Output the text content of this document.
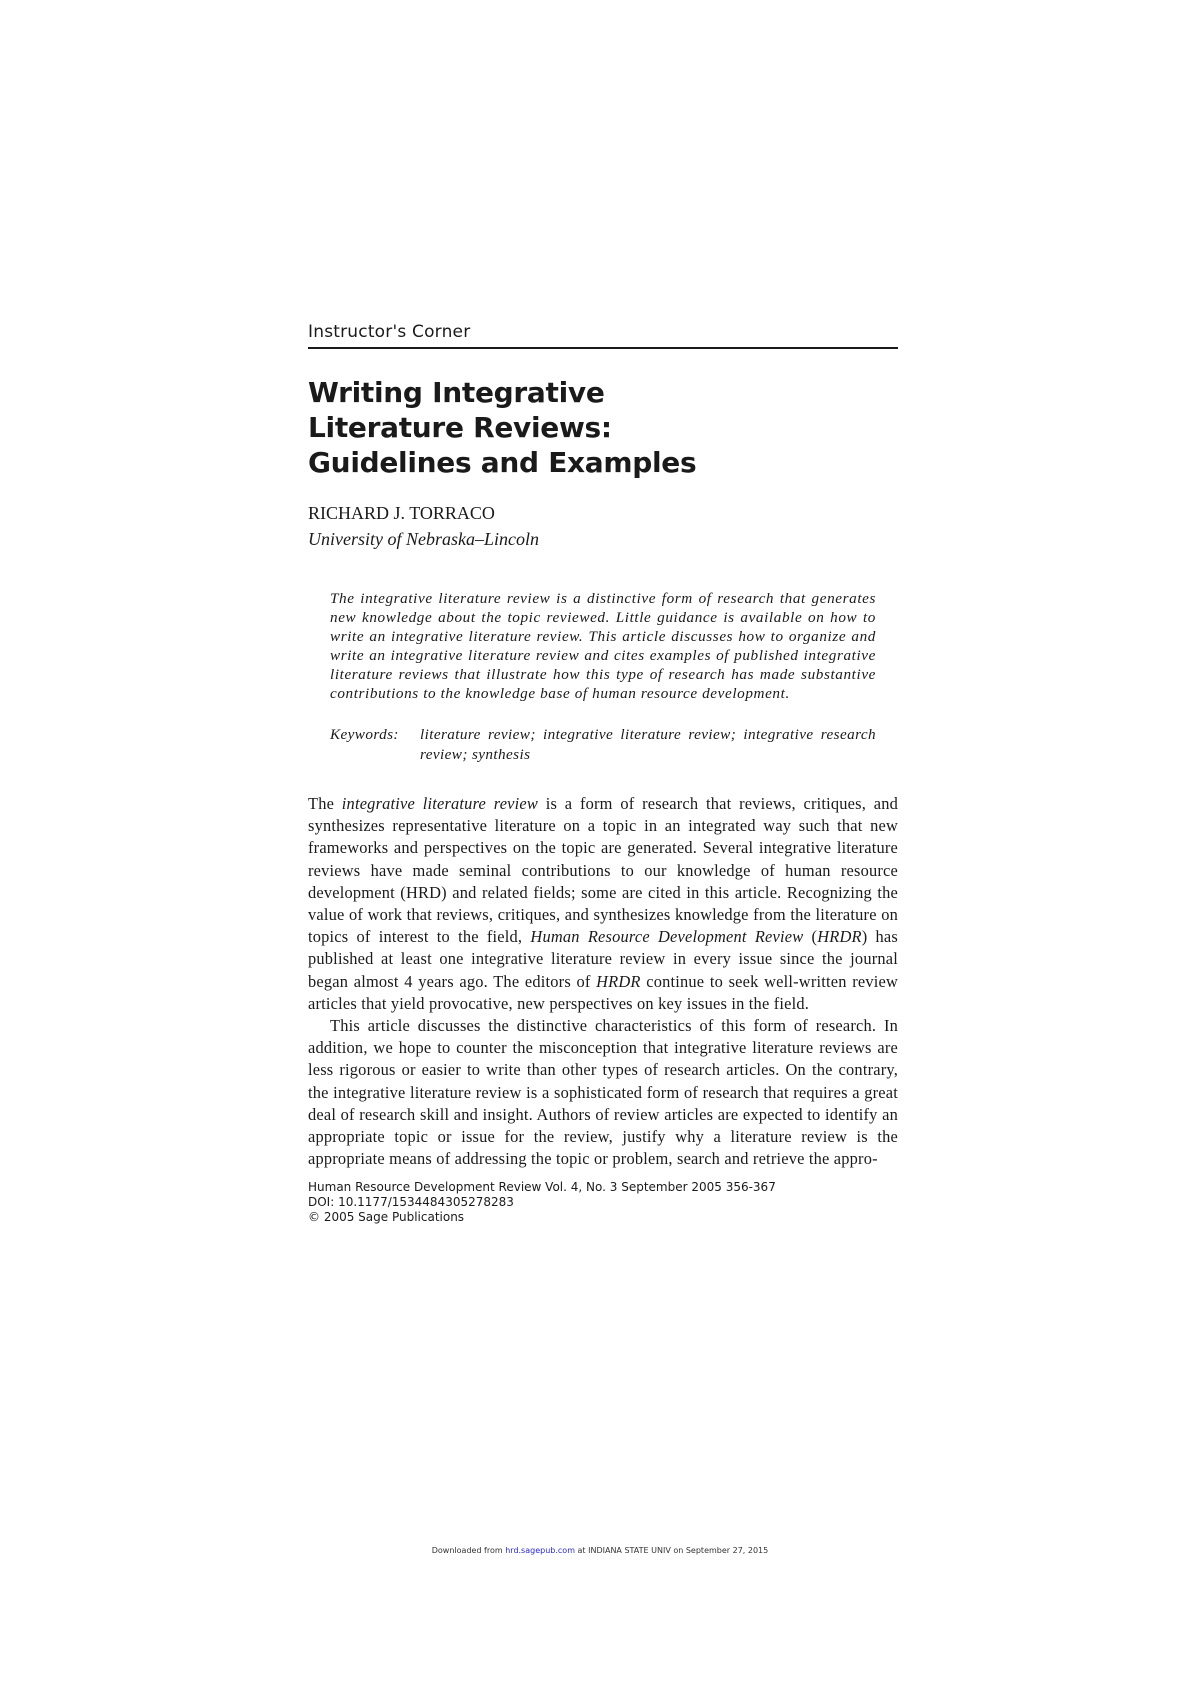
Instructor's Corner

Writing Integrative
Literature Reviews:
Guidelines and Examples

RICHARD J. TORRACO

University of Nebraska–Lincoln

The integrative literature review is a distinctive form of research that generates new knowledge about the topic reviewed. Little guidance is available on how to write an integrative literature review. This article discusses how to organize and write an integrative literature review and cites examples of published integrative literature reviews that illustrate how this type of research has made substantive contributions to the knowledge base of human resource development.

Keywords:	literature review; integrative literature review; integrative research review; synthesis

The integrative literature review is a form of research that reviews, critiques, and synthesizes representative literature on a topic in an integrated way such that new frameworks and perspectives on the topic are generated. Several integrative literature reviews have made seminal contributions to our knowledge of human resource development (HRD) and related fields; some are cited in this article. Recognizing the value of work that reviews, critiques, and synthesizes knowledge from the literature on topics of interest to the field, Human Resource Development Review (HRDR) has published at least one integrative literature review in every issue since the journal began almost 4 years ago. The editors of HRDR continue to seek well-written review articles that yield provocative, new perspectives on key issues in the field.

This article discusses the distinctive characteristics of this form of research. In addition, we hope to counter the misconception that integrative literature reviews are less rigorous or easier to write than other types of research articles. On the contrary, the integrative literature review is a sophisticated form of research that requires a great deal of research skill and insight. Authors of review articles are expected to identify an appropriate topic or issue for the review, justify why a literature review is the appropriate means of addressing the topic or problem, search and retrieve the appro-

Human Resource Development Review Vol. 4, No. 3 September 2005 356-367
DOI: 10.1177/1534484305278283
© 2005 Sage Publications
Downloaded from hrd.sagepub.com at INDIANA STATE UNIV on September 27, 2015
